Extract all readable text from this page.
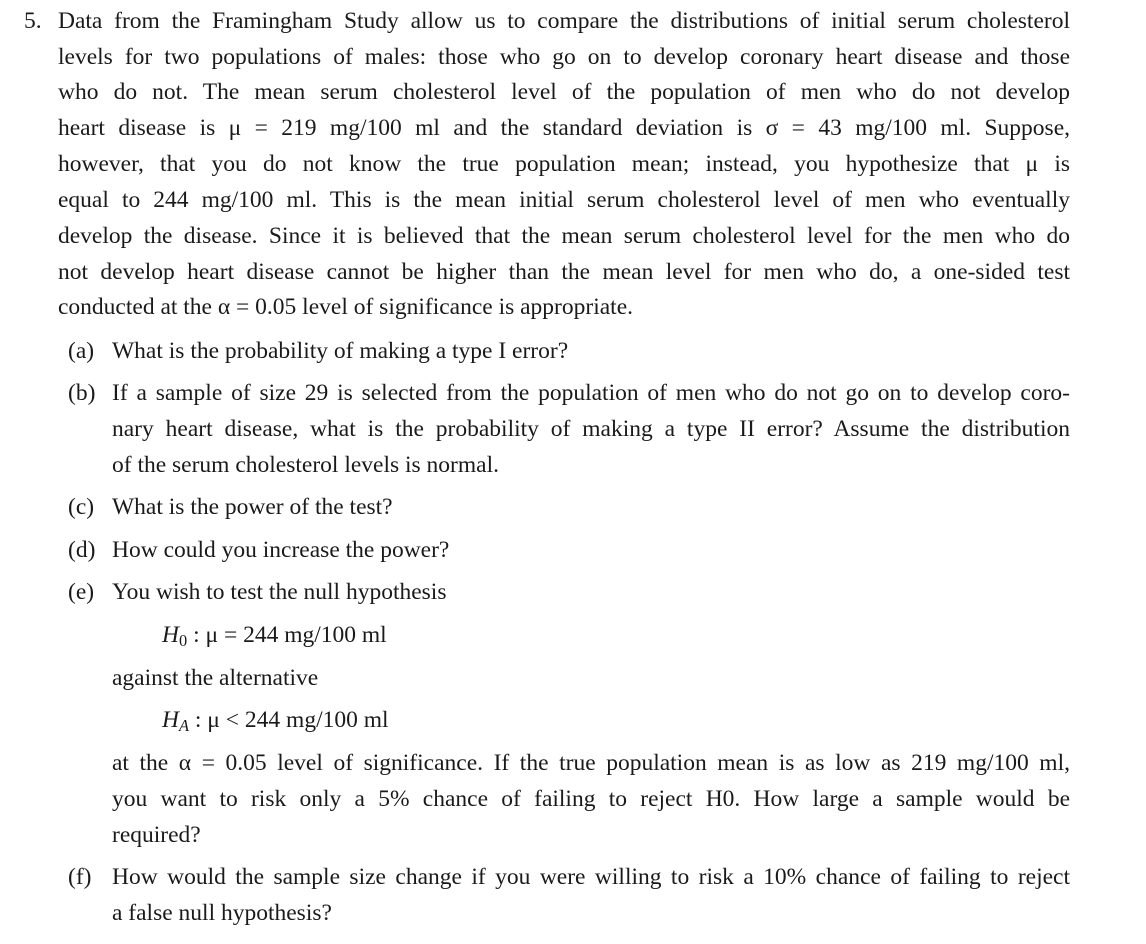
5. Data from the Framingham Study allow us to compare the distributions of initial serum cholesterol
levels for two populations of males: those who go on to develop coronary heart disease and those
who do not. The mean serum cholesterol level of the population of men who do not develop
heart disease is μ = 219 mg/100 ml and the standard deviation is σ = 43 mg/100 ml. Suppose,
however, that you do not know the true population mean; instead, you hypothesize that μ is
equal to 244 mg/100 ml. This is the mean initial serum cholesterol level of men who eventually
develop the disease. Since it is believed that the mean serum cholesterol level for the men who do
not develop heart disease cannot be higher than the mean level for men who do, a one-sided test
conducted at the α = 0.05 level of significance is appropriate.
(a) What is the probability of making a type I error?
(b) If a sample of size 29 is selected from the population of men who do not go on to develop coro-
nary heart disease, what is the probability of making a type II error? Assume the distribution
of the serum cholesterol levels is normal.
(c) What is the power of the test?
(d) How could you increase the power?
(e) You wish to test the null hypothesis
H0 : μ = 244 mg/100 ml
against the alternative
$H_A$ : μ < 244 mg/100 ml
at the α = 0.05 level of significance. If the true population mean is as low as 219 mg/100 ml,
you want to risk only a 5% chance of failing to reject H0. How large a sample would be
required?
(f) How would the sample size change if you were willing to risk a 10% chance of failing to reject
a false null hypothesis?
